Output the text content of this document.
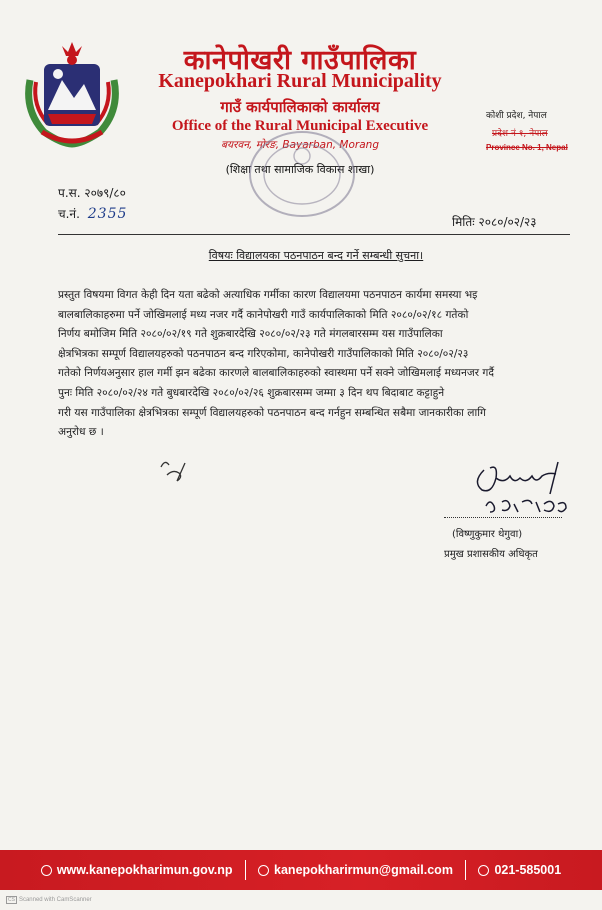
कानेपोखरी गाउँपालिका
Kanepokhari Rural Municipality
गाउँ कार्यपालिकाको कार्यालय
Office of the Rural Municipal Executive
बयरवन, मोरङ, Bayarban, Morang
(शिक्षा तथा सामाजिक विकास शाखा)
कोशी प्रदेश, नेपाल
प्रदेश नं १, नेपाल
Province No. 1, Nepal
प.स. २०७९/८०
च.नं. 2355	मितिः २०८०/०२/२३
विषयः विद्यालयका पठनपाठन बन्द गर्ने सम्बन्धी सुचना।
प्रस्तुत विषयमा विगत केही दिन यता बढेको अत्याधिक गर्मीका कारण विद्यालयमा पठनपाठन कार्यमा समस्या भइ
बालबालिकाहरुमा पर्ने जोखिमलाई मध्य नजर गर्दै कानेपोखरी गाउँ कार्यपालिकाको मिति २०८०/०२/१८ गतेको
निर्णय बमोजिम मिति २०८०/०२/१९ गते शुक्रबारदेखि २०८०/०२/२३ गते मंगलबारसम्म यस गाउँपालिका
क्षेत्रभित्रका सम्पूर्ण विद्यालयहरुको पठनपाठन बन्द गरिएकोमा, कानेपोखरी गाउँपालिकाको मिति २०८०/०२/२३
गतेको निर्णयअनुसार हाल गर्मी झन बढेका कारणले बालबालिकाहरुको स्वास्थमा पर्ने सक्ने जोखिमलाई मध्यनजर गर्दै
पुनः मिति २०८०/०२/२४ गते बुधबारदेखि २०८०/०२/२६ शुक्रबारसम्म जम्मा ३ दिन थप बिदाबाट कट्टाहुने
गरी यस गाउँपालिका क्षेत्रभित्रका सम्पूर्ण विद्यालयहरुको पठनपाठन बन्द गर्नहुन सम्बन्धित सबैमा जानकारीका लागि
अनुरोध छ ।
(विष्णुकुमार थेगुवा)
प्रमुख प्रशासकीय अधिकृत
www.kanepokharimun.gov.np	kanepokharirmun@gmail.com	021-585001
CS Scanned with CamScanner
